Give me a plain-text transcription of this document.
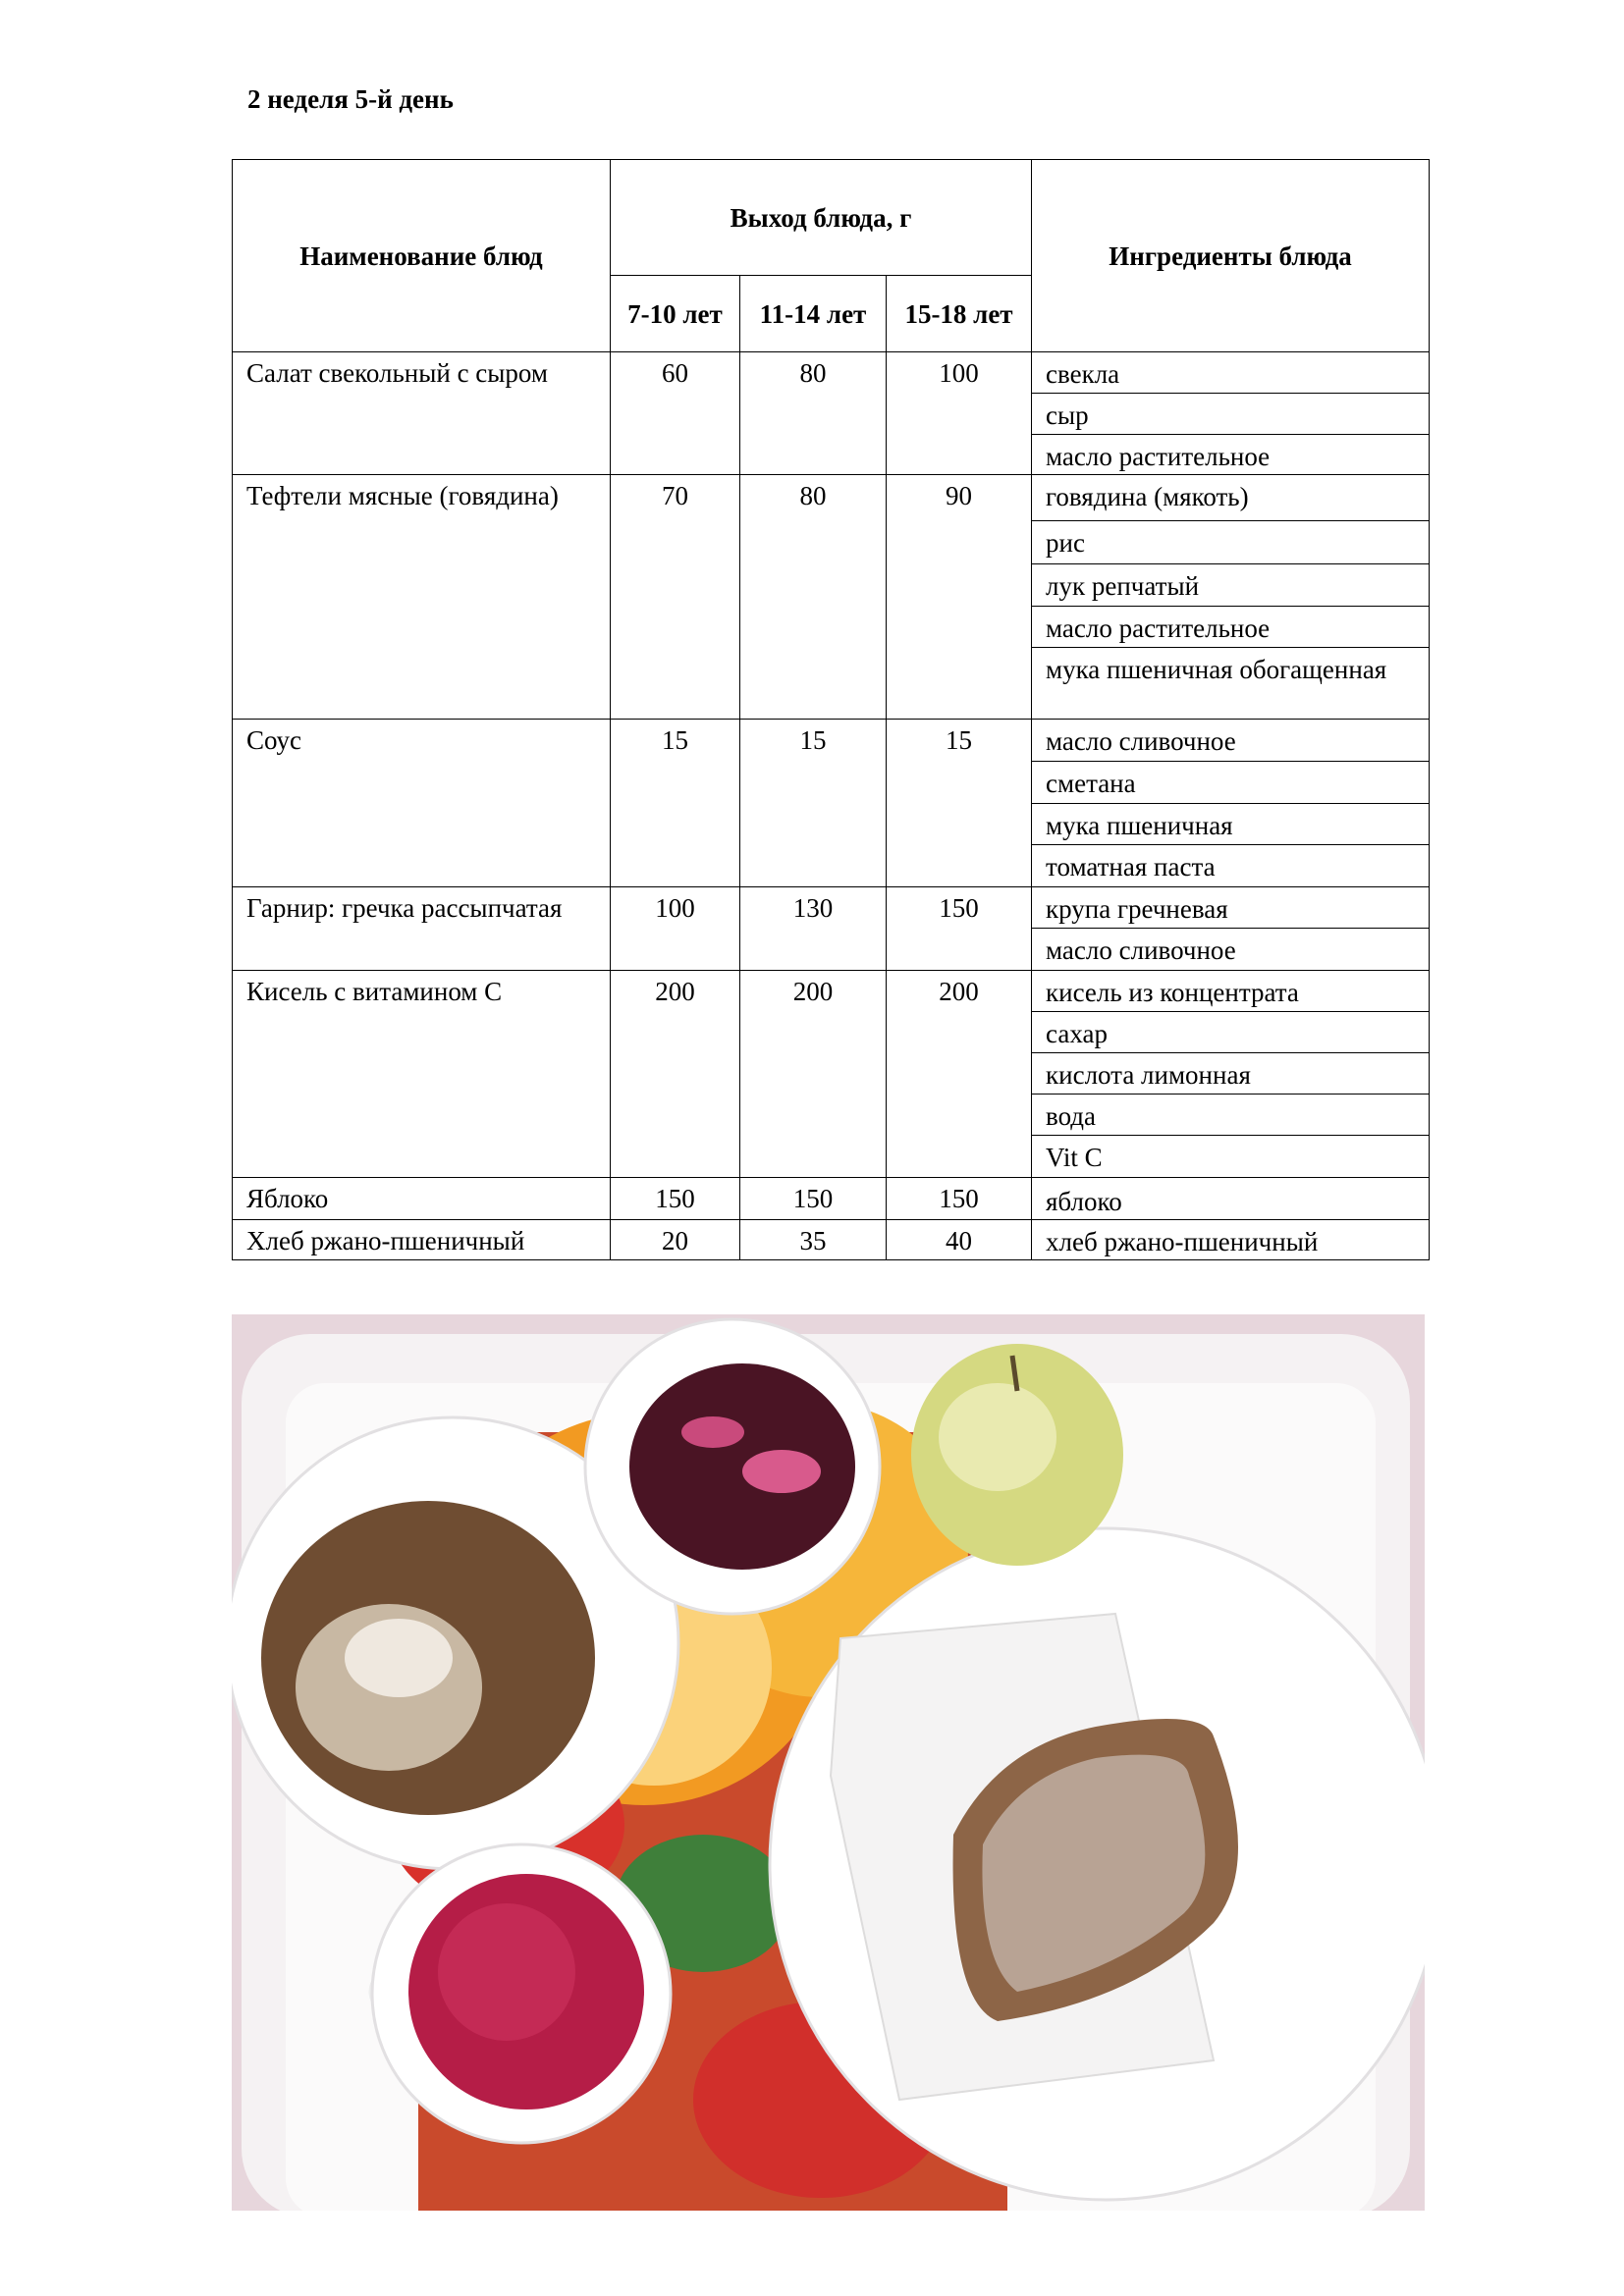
2 неделя 5-й день
Наименование блюд	Выход блюда, г			Ингредиенты блюда
	7-10 лет	11-14 лет	15-18 лет	
Салат свекольный с сыром	60	80	100	свекла
сыр
масло растительное

Тефтели мясные (говядина)	70	80	90	говядина (мякоть)
рис
лук репчатый
масло растительное
мука пшеничная обогащенная

Соус	15	15	15	масло сливочное
сметана
мука пшеничная
томатная паста

Гарнир: гречка рассыпчатая	100	130	150	крупа гречневая
масло сливочное

Кисель с витамином С	200	200	200	кисель из концентрата
сахар
кислота лимонная
вода
Vit C

Яблоко	150	150	150	яблоко

Хлеб ржано-пшеничный	20	35	40	хлеб ржано-пшеничный
